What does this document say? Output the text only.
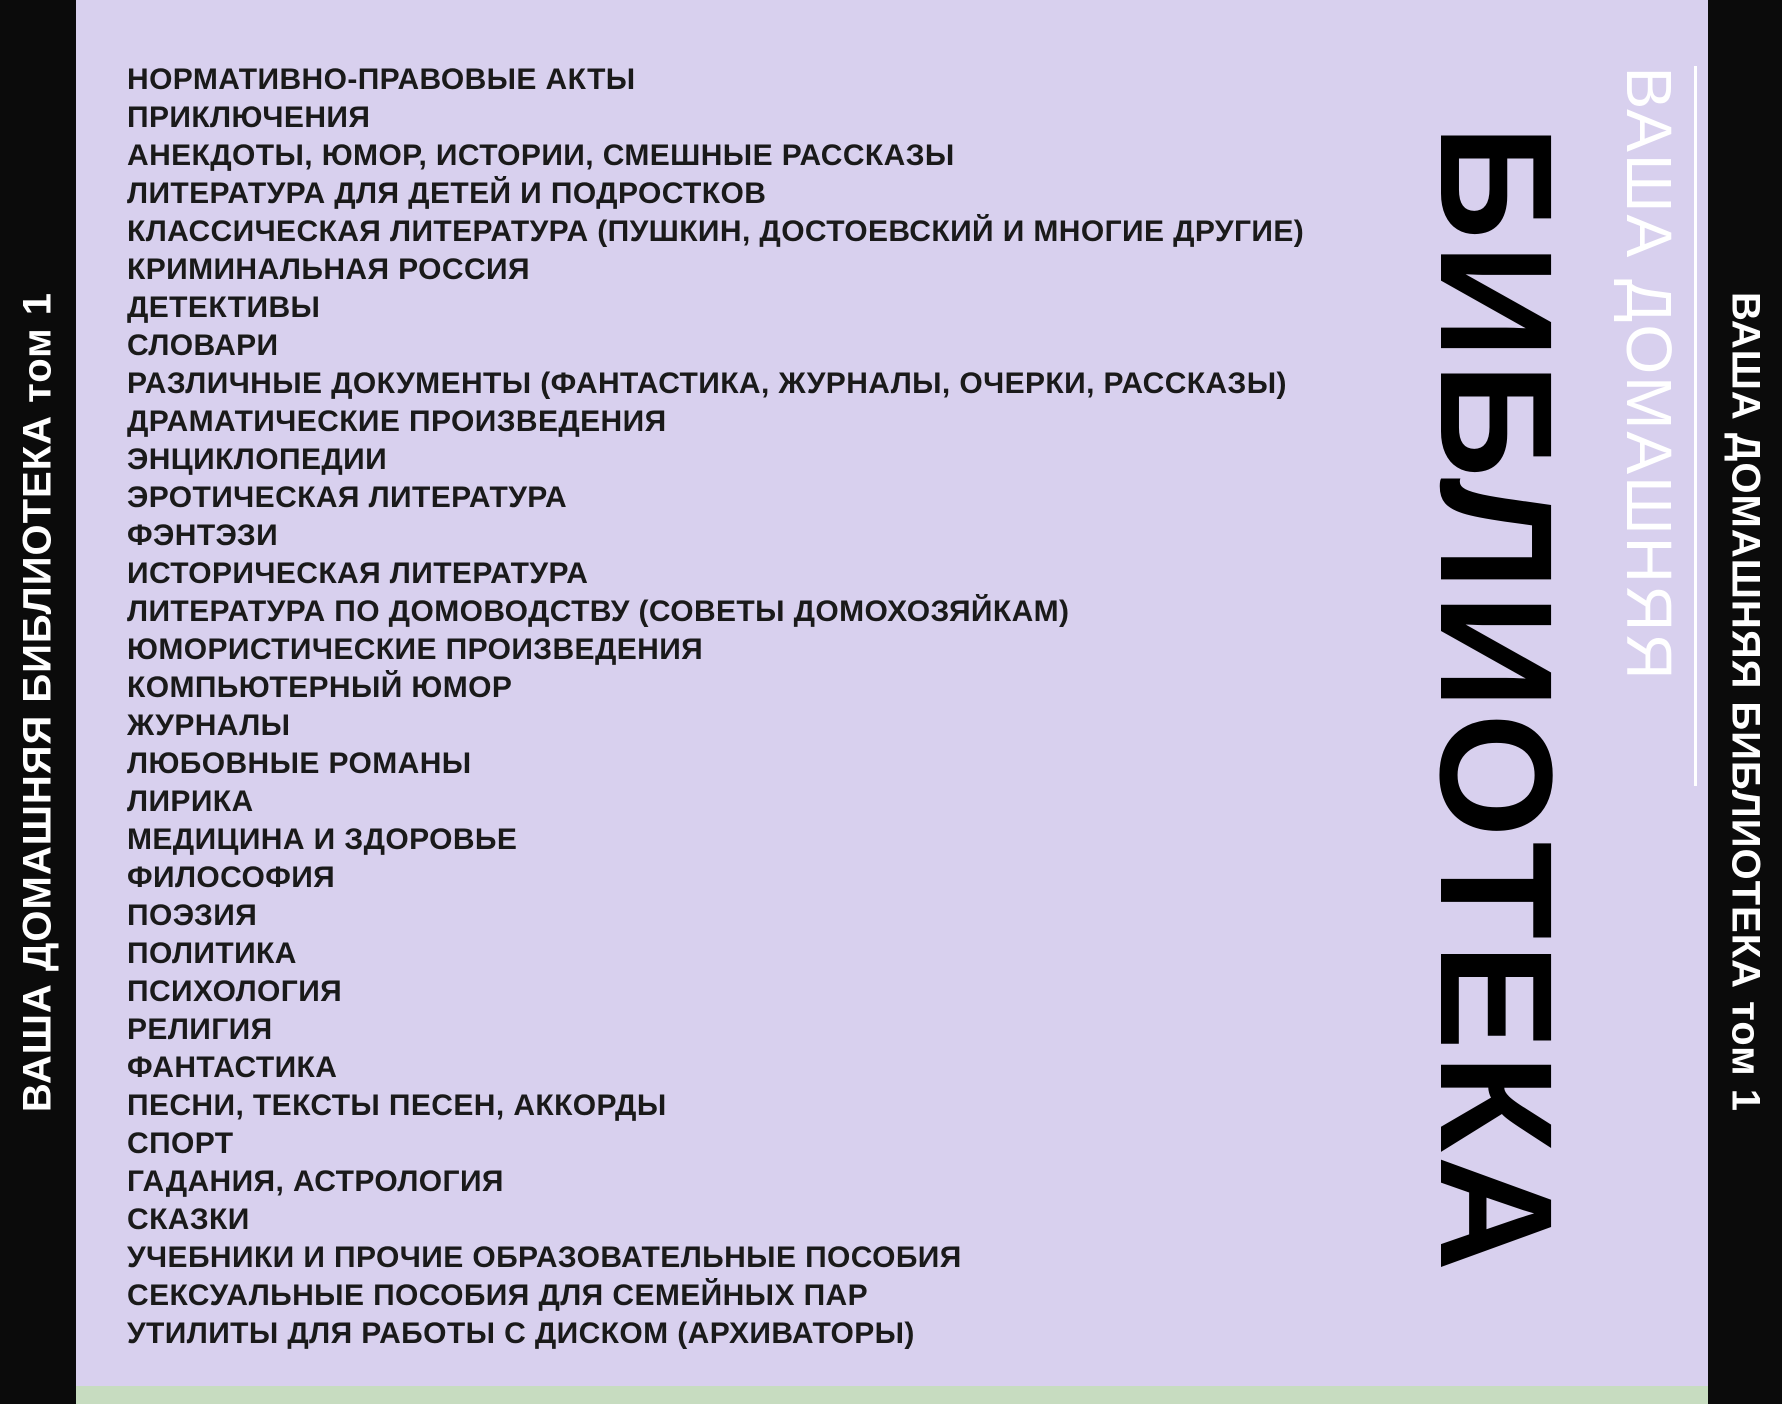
ВАША ДОМАШНЯЯ БИБЛИОТЕКА том 1
НОРМАТИВНО-ПРАВОВЫЕ АКТЫ
ПРИКЛЮЧЕНИЯ
АНЕКДОТЫ, ЮМОР, ИСТОРИИ, СМЕШНЫЕ РАССКАЗЫ
ЛИТЕРАТУРА ДЛЯ ДЕТЕЙ И ПОДРОСТКОВ
КЛАССИЧЕСКАЯ ЛИТЕРАТУРА (ПУШКИН, ДОСТОЕВСКИЙ И МНОГИЕ ДРУГИЕ)
КРИМИНАЛЬНАЯ РОССИЯ
ДЕТЕКТИВЫ
СЛОВАРИ
РАЗЛИЧНЫЕ ДОКУМЕНТЫ (ФАНТАСТИКА, ЖУРНАЛЫ, ОЧЕРКИ, РАССКАЗЫ)
ДРАМАТИЧЕСКИЕ ПРОИЗВЕДЕНИЯ
ЭНЦИКЛОПЕДИИ
ЭРОТИЧЕСКАЯ ЛИТЕРАТУРА
ФЭНТЭЗИ
ИСТОРИЧЕСКАЯ ЛИТЕРАТУРА
ЛИТЕРАТУРА ПО ДОМОВОДСТВУ (СОВЕТЫ ДОМОХОЗЯЙКАМ)
ЮМОРИСТИЧЕСКИЕ ПРОИЗВЕДЕНИЯ
КОМПЬЮТЕРНЫЙ ЮМОР
ЖУРНАЛЫ
ЛЮБОВНЫЕ РОМАНЫ
ЛИРИКА
МЕДИЦИНА И ЗДОРОВЬЕ
ФИЛОСОФИЯ
ПОЭЗИЯ
ПОЛИТИКА
ПСИХОЛОГИЯ
РЕЛИГИЯ
ФАНТАСТИКА
ПЕСНИ, ТЕКСТЫ ПЕСЕН, АККОРДЫ
СПОРТ
ГАДАНИЯ, АСТРОЛОГИЯ
СКАЗКИ
УЧЕБНИКИ И ПРОЧИЕ ОБРАЗОВАТЕЛЬНЫЕ ПОСОБИЯ
СЕКСУАЛЬНЫЕ ПОСОБИЯ ДЛЯ СЕМЕЙНЫХ ПАР
УТИЛИТЫ ДЛЯ РАБОТЫ С ДИСКОМ (АРХИВАТОРЫ)
БИБЛИОТЕКА ВАША ДОМАШНЯЯ ВАША ДОМАШНЯЯ БИБЛИОТЕКА том 1
